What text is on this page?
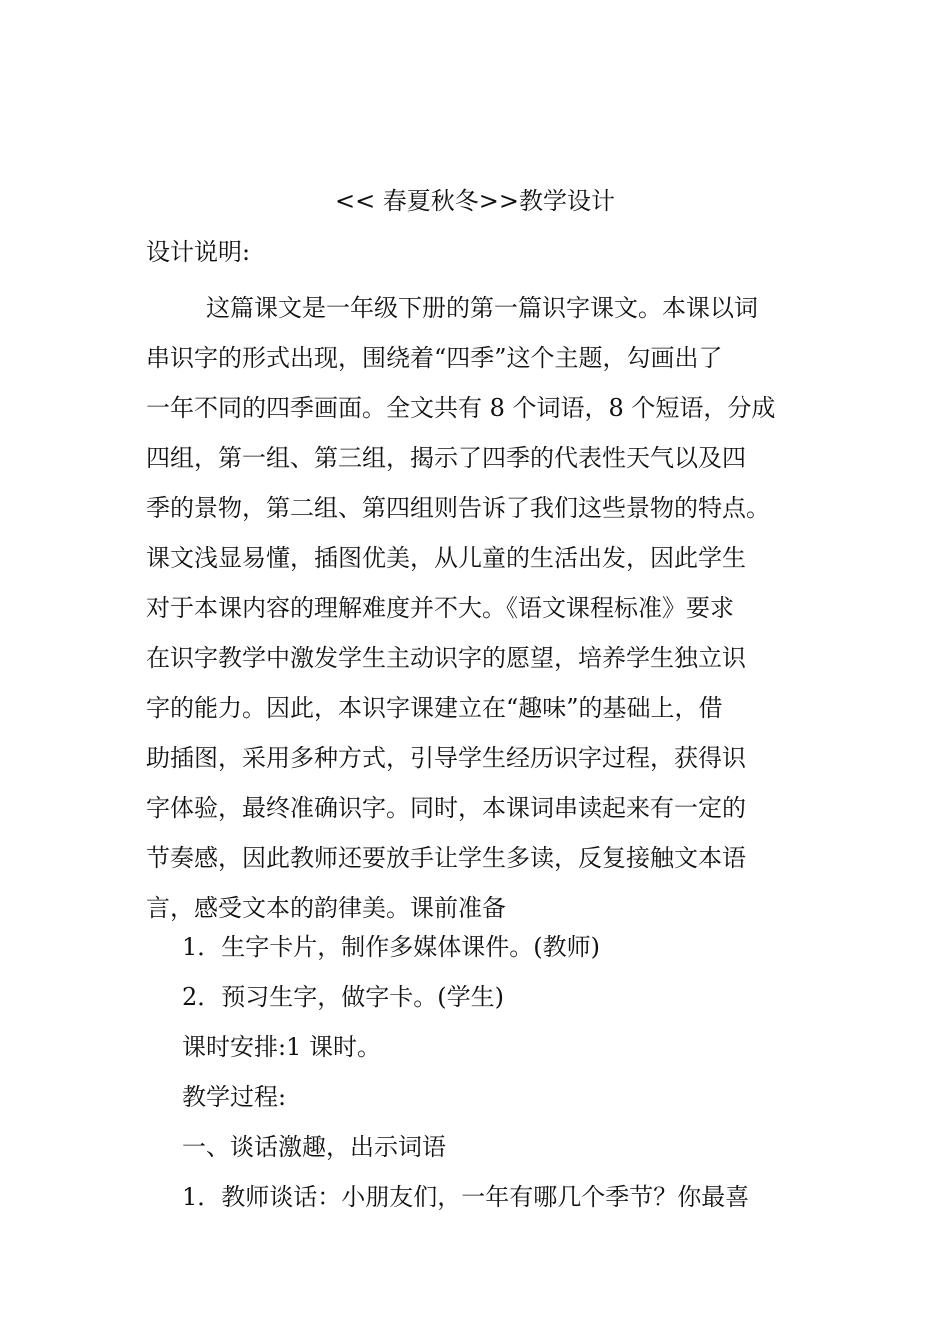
<< 春夏秋冬>>教学设计
设计说明:
这篇课文是一年级下册的第一篇识字课文。本课以词
串识字的形式出现，围绕着“四季”这个主题，勾画出了
一年不同的四季画面。全文共有 8 个词语，8 个短语，分成
四组，第一组、第三组，揭示了四季的代表性天气以及四
季的景物，第二组、第四组则告诉了我们这些景物的特点。
课文浅显易懂，插图优美，从儿童的生活出发，因此学生
对于本课内容的理解难度并不大。《语文课程标准》要求
在识字教学中激发学生主动识字的愿望，培养学生独立识
字的能力。因此，本识字课建立在“趣味”的基础上，借
助插图，采用多种方式，引导学生经历识字过程，获得识
字体验，最终准确识字。同时，本课词串读起来有一定的
节奏感，因此教师还要放手让学生多读，反复接触文本语
言，感受文本的韵律美。课前准备
1．生字卡片，制作多媒体课件。(教师)
2．预习生字，做字卡。(学生)
课时安排:1 课时。
教学过程:
一、谈话激趣，出示词语
1．教师谈话：小朋友们，一年有哪几个季节？你最喜
